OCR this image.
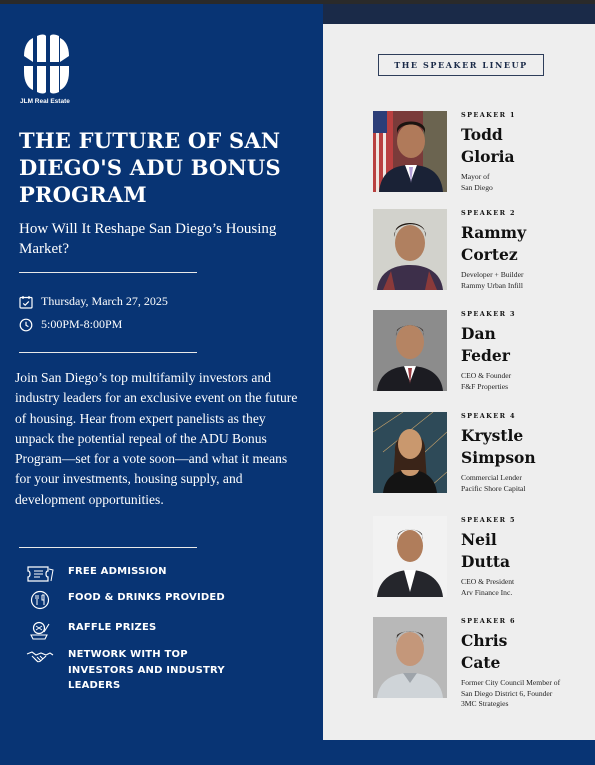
JLM Real Estate
THE FUTURE OF SAN DIEGO'S ADU BONUS PROGRAM

How Will It Reshape San Diego’s Housing Market?

Thursday, March 27, 2025
5:00PM-8:00PM

Join San Diego’s top multifamily investors and industry leaders for an exclusive event on the future of housing. Hear from expert panelists as they unpack the potential repeal of the ADU Bonus Program—set for a vote soon—and what it means for your investments, housing supply, and development opportunities.

FREE ADMISSION
FOOD & DRINKS PROVIDED
RAFFLE PRIZES
NETWORK WITH TOP INVESTORS AND INDUSTRY LEADERS
THE SPEAKER LINEUP

SPEAKER 1

Todd

Gloria

Mayor of
San Diego

SPEAKER 2

Rammy

Cortez

Developer + Builder
Rammy Urban Infill

SPEAKER 3

Dan

Feder

CEO & Founder
F&F Properties

SPEAKER 4

Krystle

Simpson

Commercial Lender
Pacific Shore Capital

SPEAKER 5

Neil

Dutta

CEO & President
Arv Finance Inc.

SPEAKER 6

Chris

Cate

Former City Council Member of
San Diego District 6, Founder
3MC Strategies
